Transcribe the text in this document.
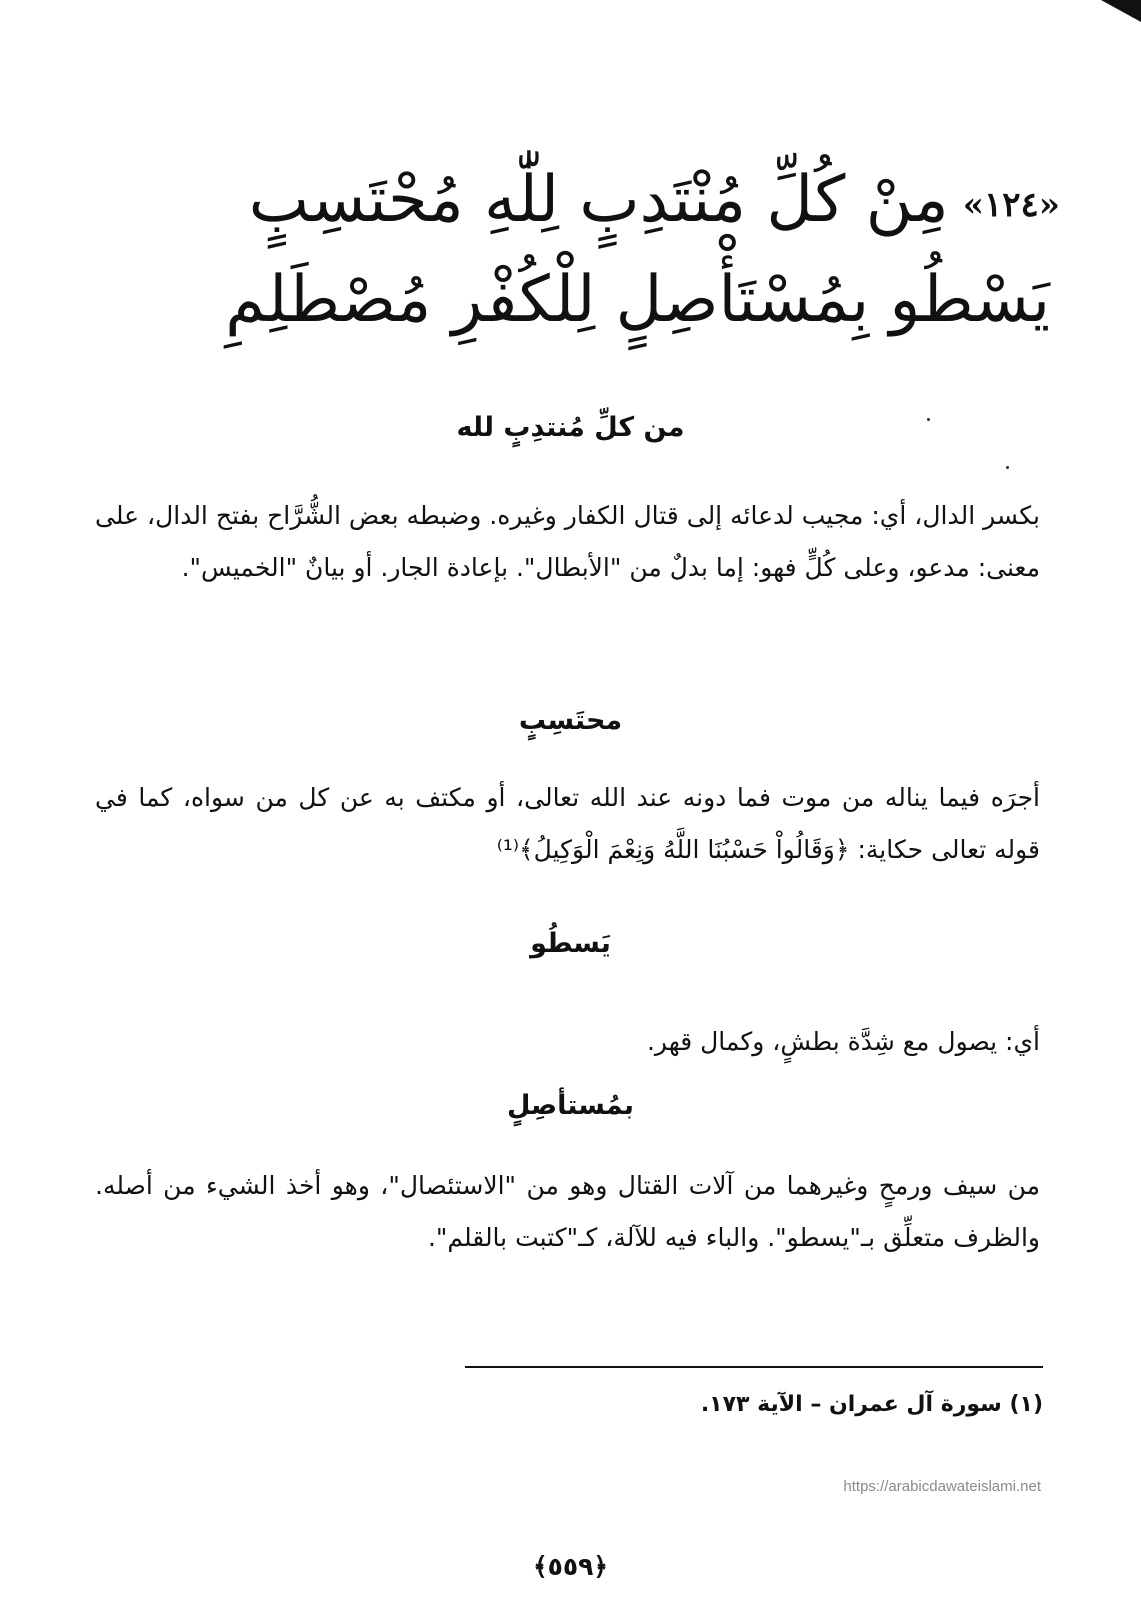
«١٢٤»مِنْ كُلِّ مُنْتَدِبٍ لِلّٰهِ مُحْتَسِبٍ
يَسْطُو بِمُسْتَأْصِلٍ لِلْكُفْرِ مُصْطَلِمِ
من كلِّ مُنتدِبٍ لله
بكسر الدال، أي: مجيب لدعائه إلى قتال الكفار وغيره. وضبطه بعض الشُّرَّاح بفتح الدال، على معنى: مدعو، وعلى كُلٍّ فهو: إما بدلٌ من "الأبطال". بإعادة الجار. أو بيانٌ "الخميس".
محتَسِبٍ
أجرَه فيما يناله من موت فما دونه عند الله تعالى، أو مكتف به عن كل من سواه، كما في قوله تعالى حكاية: ﴿وَقَالُواْ حَسْبُنَا اللَّهُ وَنِعْمَ الْوَكِيلُ﴾⁽¹⁾
يَسطُو
أي: يصول مع شِدَّة بطشٍ، وكمال قهر.
بمُستأصِلٍ
من سيف ورمحٍ وغيرهما من آلات القتال وهو من "الاستئصال"، وهو أخذ الشيء من أصله. والظرف متعلِّق بـ"يسطو". والباء فيه للآلة، كـ"كتبت بالقلم".
(١) سورة آل عمران – الآية ١٧٣.
https://arabicdawateislami.net
﴿٥٥٩﴾
